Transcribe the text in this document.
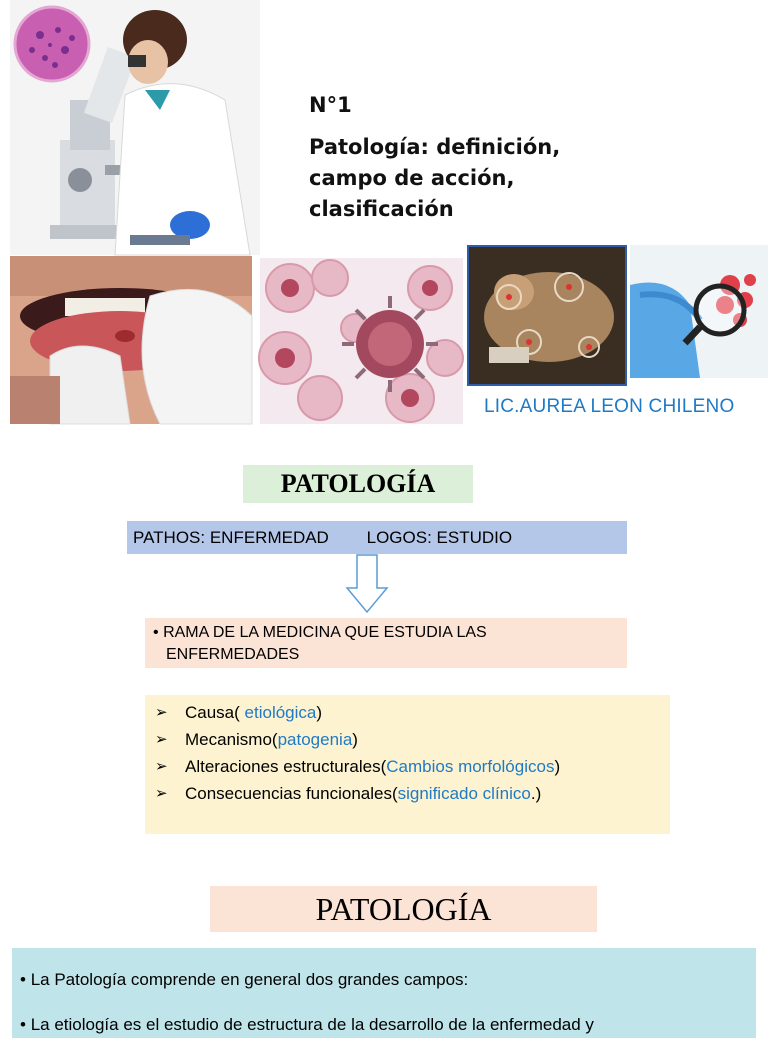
N°1
Patología: definición,
campo de acción,
clasificación
LIC.AUREA LEON CHILENO
PATOLOGÍA
PATHOS: ENFERMEDAD        LOGOS: ESTUDIO
• RAMA DE LA MEDICINA QUE ESTUDIA LAS ENFERMEDADES
➢	Causa( etiológica)
➢	Mecanismo(patogenia)
➢	Alteraciones estructurales(Cambios morfológicos)
➢	Consecuencias funcionales(significado clínico.)
PATOLOGÍA
• La Patología comprende en general dos grandes campos:
• La etiología es el estudio de estructura de la desarrollo de la enfermedad y
